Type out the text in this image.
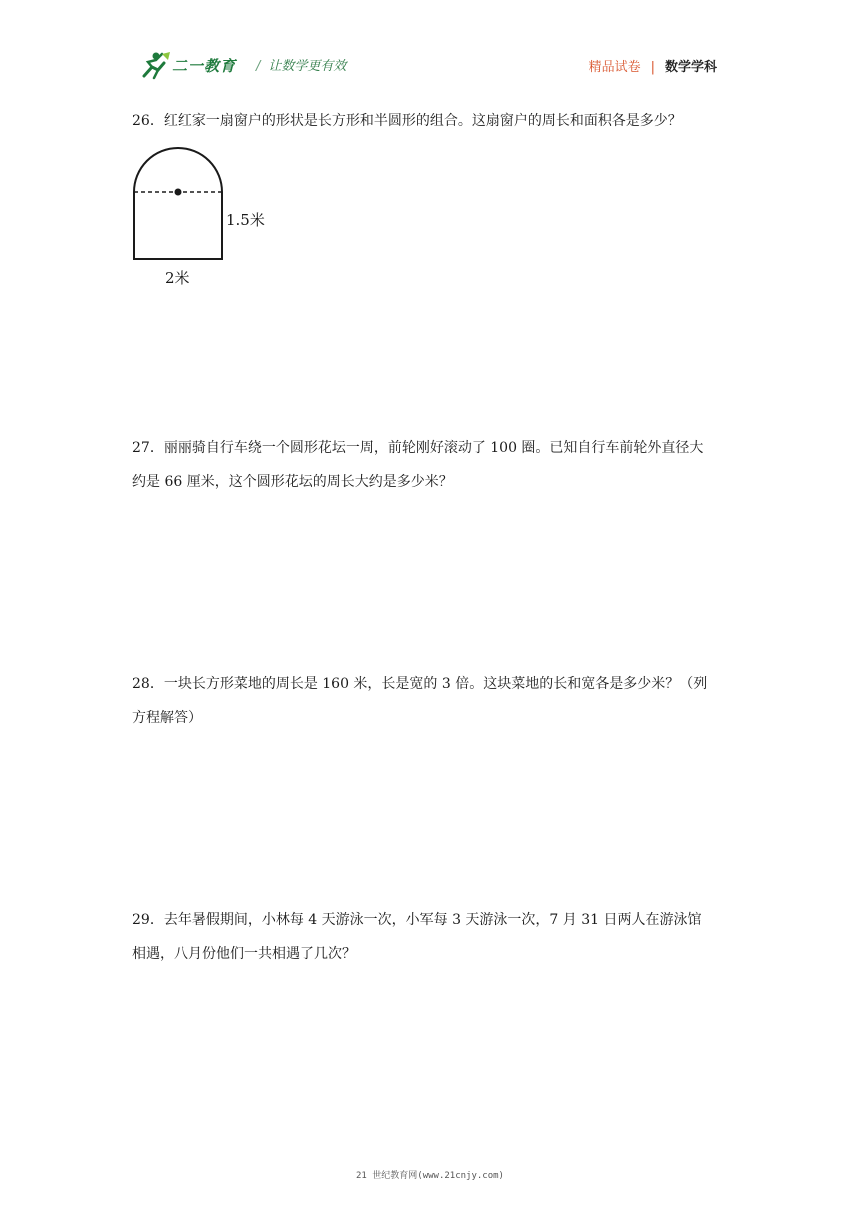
二一教育 / 让数学更有效	精品试卷 | 数学学科

26．红红家一扇窗户的形状是长方形和半圆形的组合。这扇窗户的周长和面积各是多少？

1.5米
2米

27．丽丽骑自行车绕一个圆形花坛一周，前轮刚好滚动了 100 圈。已知自行车前轮外直径大

约是 66 厘米，这个圆形花坛的周长大约是多少米？

28．一块长方形菜地的周长是 160 米，长是宽的 3 倍。这块菜地的长和宽各是多少米？（列

方程解答）

29．去年暑假期间，小林每 4 天游泳一次，小军每 3 天游泳一次，7 月 31 日两人在游泳馆

相遇，八月份他们一共相遇了几次？

21 世纪教育网(www.21cnjy.com)
